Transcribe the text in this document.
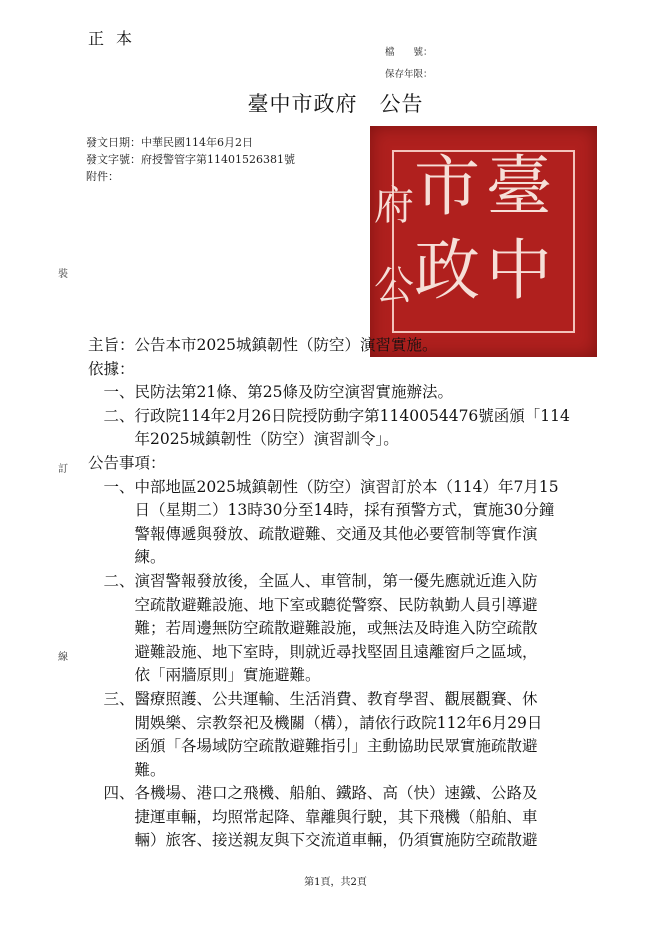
正本
檔　　號：
保存年限：
臺中市政府 公告
發文日期：中華民國114年6月2日
發文字號：府授警管字第11401526381號
附件：
裝
訂
線
臺
中
市
政
府
公
主旨：公告本市2025城鎮韌性（防空）演習實施。
依據：
　一、民防法第21條、第25條及防空演習實施辦法。
　二、行政院114年2月26日院授防動字第1140054476號函頒「114
　　　年2025城鎮韌性（防空）演習訓令」。
公告事項：
　一、中部地區2025城鎮韌性（防空）演習訂於本（114）年7月15
　　　日（星期二）13時30分至14時，採有預警方式，實施30分鐘
　　　警報傳遞與發放、疏散避難、交通及其他必要管制等實作演
　　　練。
　二、演習警報發放後，全區人、車管制，第一優先應就近進入防
　　　空疏散避難設施、地下室或聽從警察、民防執勤人員引導避
　　　難；若周邊無防空疏散避難設施，或無法及時進入防空疏散
　　　避難設施、地下室時，則就近尋找堅固且遠離窗戶之區域，
　　　依「兩牆原則」實施避難。
　三、醫療照護、公共運輸、生活消費、教育學習、觀展觀賽、休
　　　閒娛樂、宗教祭祀及機關（構），請依行政院112年6月29日
　　　函頒「各場域防空疏散避難指引」主動協助民眾實施疏散避
　　　難。
　四、各機場、港口之飛機、船舶、鐵路、高（快）速鐵、公路及
　　　捷運車輛，均照常起降、靠離與行駛，其下飛機（船舶、車
　　　輛）旅客、接送親友與下交流道車輛，仍須實施防空疏散避
第1頁，共2頁
